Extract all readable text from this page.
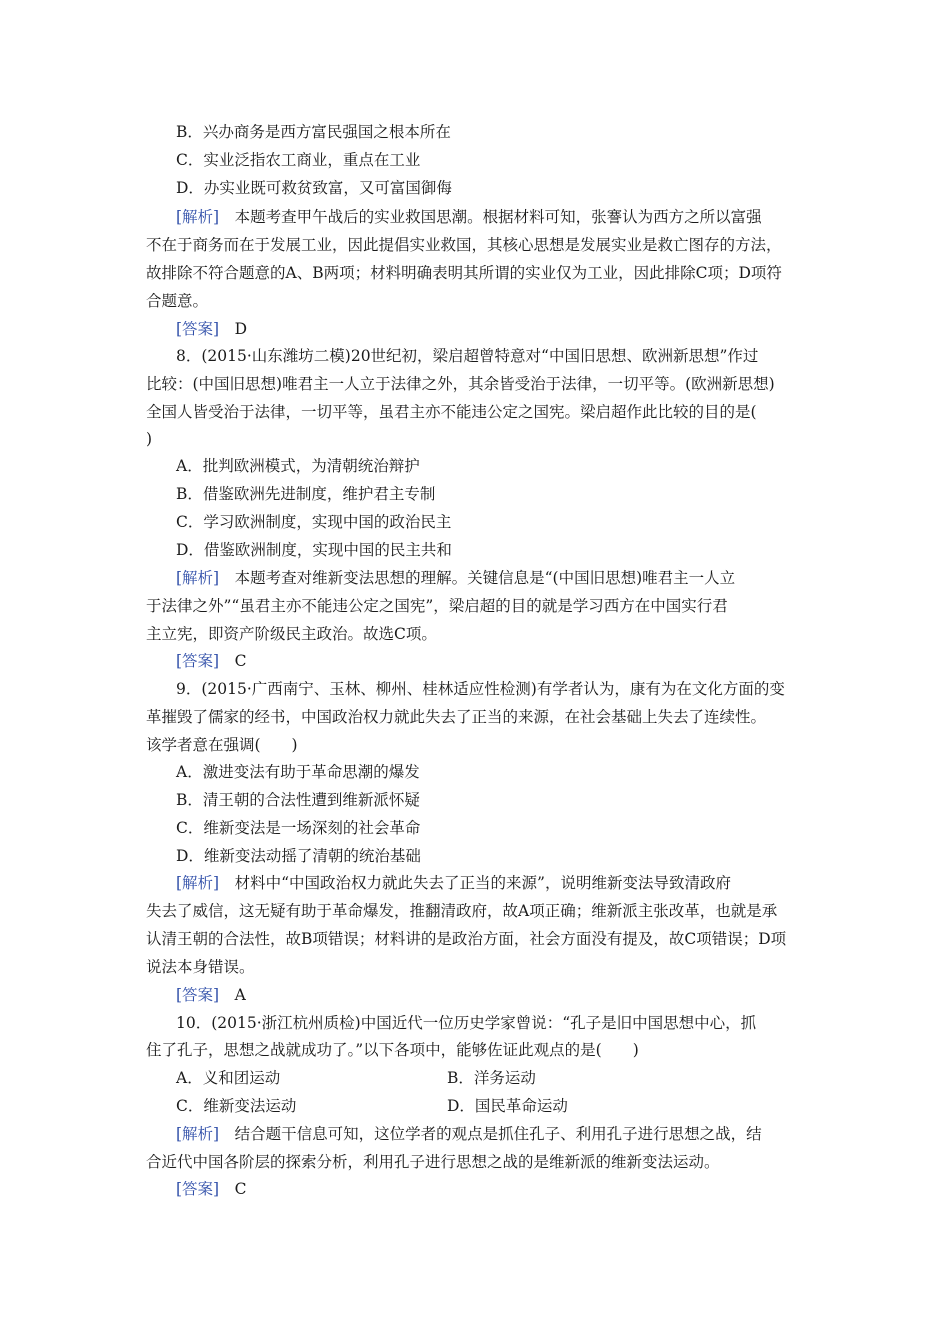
B．兴办商务是西方富民强国之根本所在
C．实业泛指农工商业，重点在工业
D．办实业既可救贫致富，又可富国御侮
[解析]　本题考查甲午战后的实业救国思潮。根据材料可知，张謇认为西方之所以富强
不在于商务而在于发展工业，因此提倡实业救国，其核心思想是发展实业是救亡图存的方法，
故排除不符合题意的A、B两项；材料明确表明其所谓的实业仅为工业，因此排除C项；D项符
合题意。
[答案]　D
8．(2015·山东潍坊二模)20世纪初，梁启超曾特意对“中国旧思想、欧洲新思想”作过
比较：(中国旧思想)唯君主一人立于法律之外，其余皆受治于法律，一切平等。(欧洲新思想)
全国人皆受治于法律，一切平等，虽君主亦不能违公定之国宪。梁启超作此比较的目的是(
)
A．批判欧洲模式，为清朝统治辩护
B．借鉴欧洲先进制度，维护君主专制
C．学习欧洲制度，实现中国的政治民主
D．借鉴欧洲制度，实现中国的民主共和
[解析]　本题考查对维新变法思想的理解。关键信息是“(中国旧思想)唯君主一人立
于法律之外”“虽君主亦不能违公定之国宪”，梁启超的目的就是学习西方在中国实行君
主立宪，即资产阶级民主政治。故选C项。
[答案]　C
9．(2015·广西南宁、玉林、柳州、桂林适应性检测)有学者认为，康有为在文化方面的变
革摧毁了儒家的经书，中国政治权力就此失去了正当的来源，在社会基础上失去了连续性。
该学者意在强调(　　)
A．激进变法有助于革命思潮的爆发
B．清王朝的合法性遭到维新派怀疑
C．维新变法是一场深刻的社会革命
D．维新变法动摇了清朝的统治基础
[解析]　材料中“中国政治权力就此失去了正当的来源”，说明维新变法导致清政府
失去了威信，这无疑有助于革命爆发，推翻清政府，故A项正确；维新派主张改革，也就是承
认清王朝的合法性，故B项错误；材料讲的是政治方面，社会方面没有提及，故C项错误；D项
说法本身错误。
[答案]　A
10．(2015·浙江杭州质检)中国近代一位历史学家曾说：“孔子是旧中国思想中心，抓
住了孔子，思想之战就成功了。”以下各项中，能够佐证此观点的是(　　)
A．义和团运动	B．洋务运动
C．维新变法运动	D．国民革命运动
[解析]　结合题干信息可知，这位学者的观点是抓住孔子、利用孔子进行思想之战，结
合近代中国各阶层的探索分析，利用孔子进行思想之战的是维新派的维新变法运动。
[答案]　C
